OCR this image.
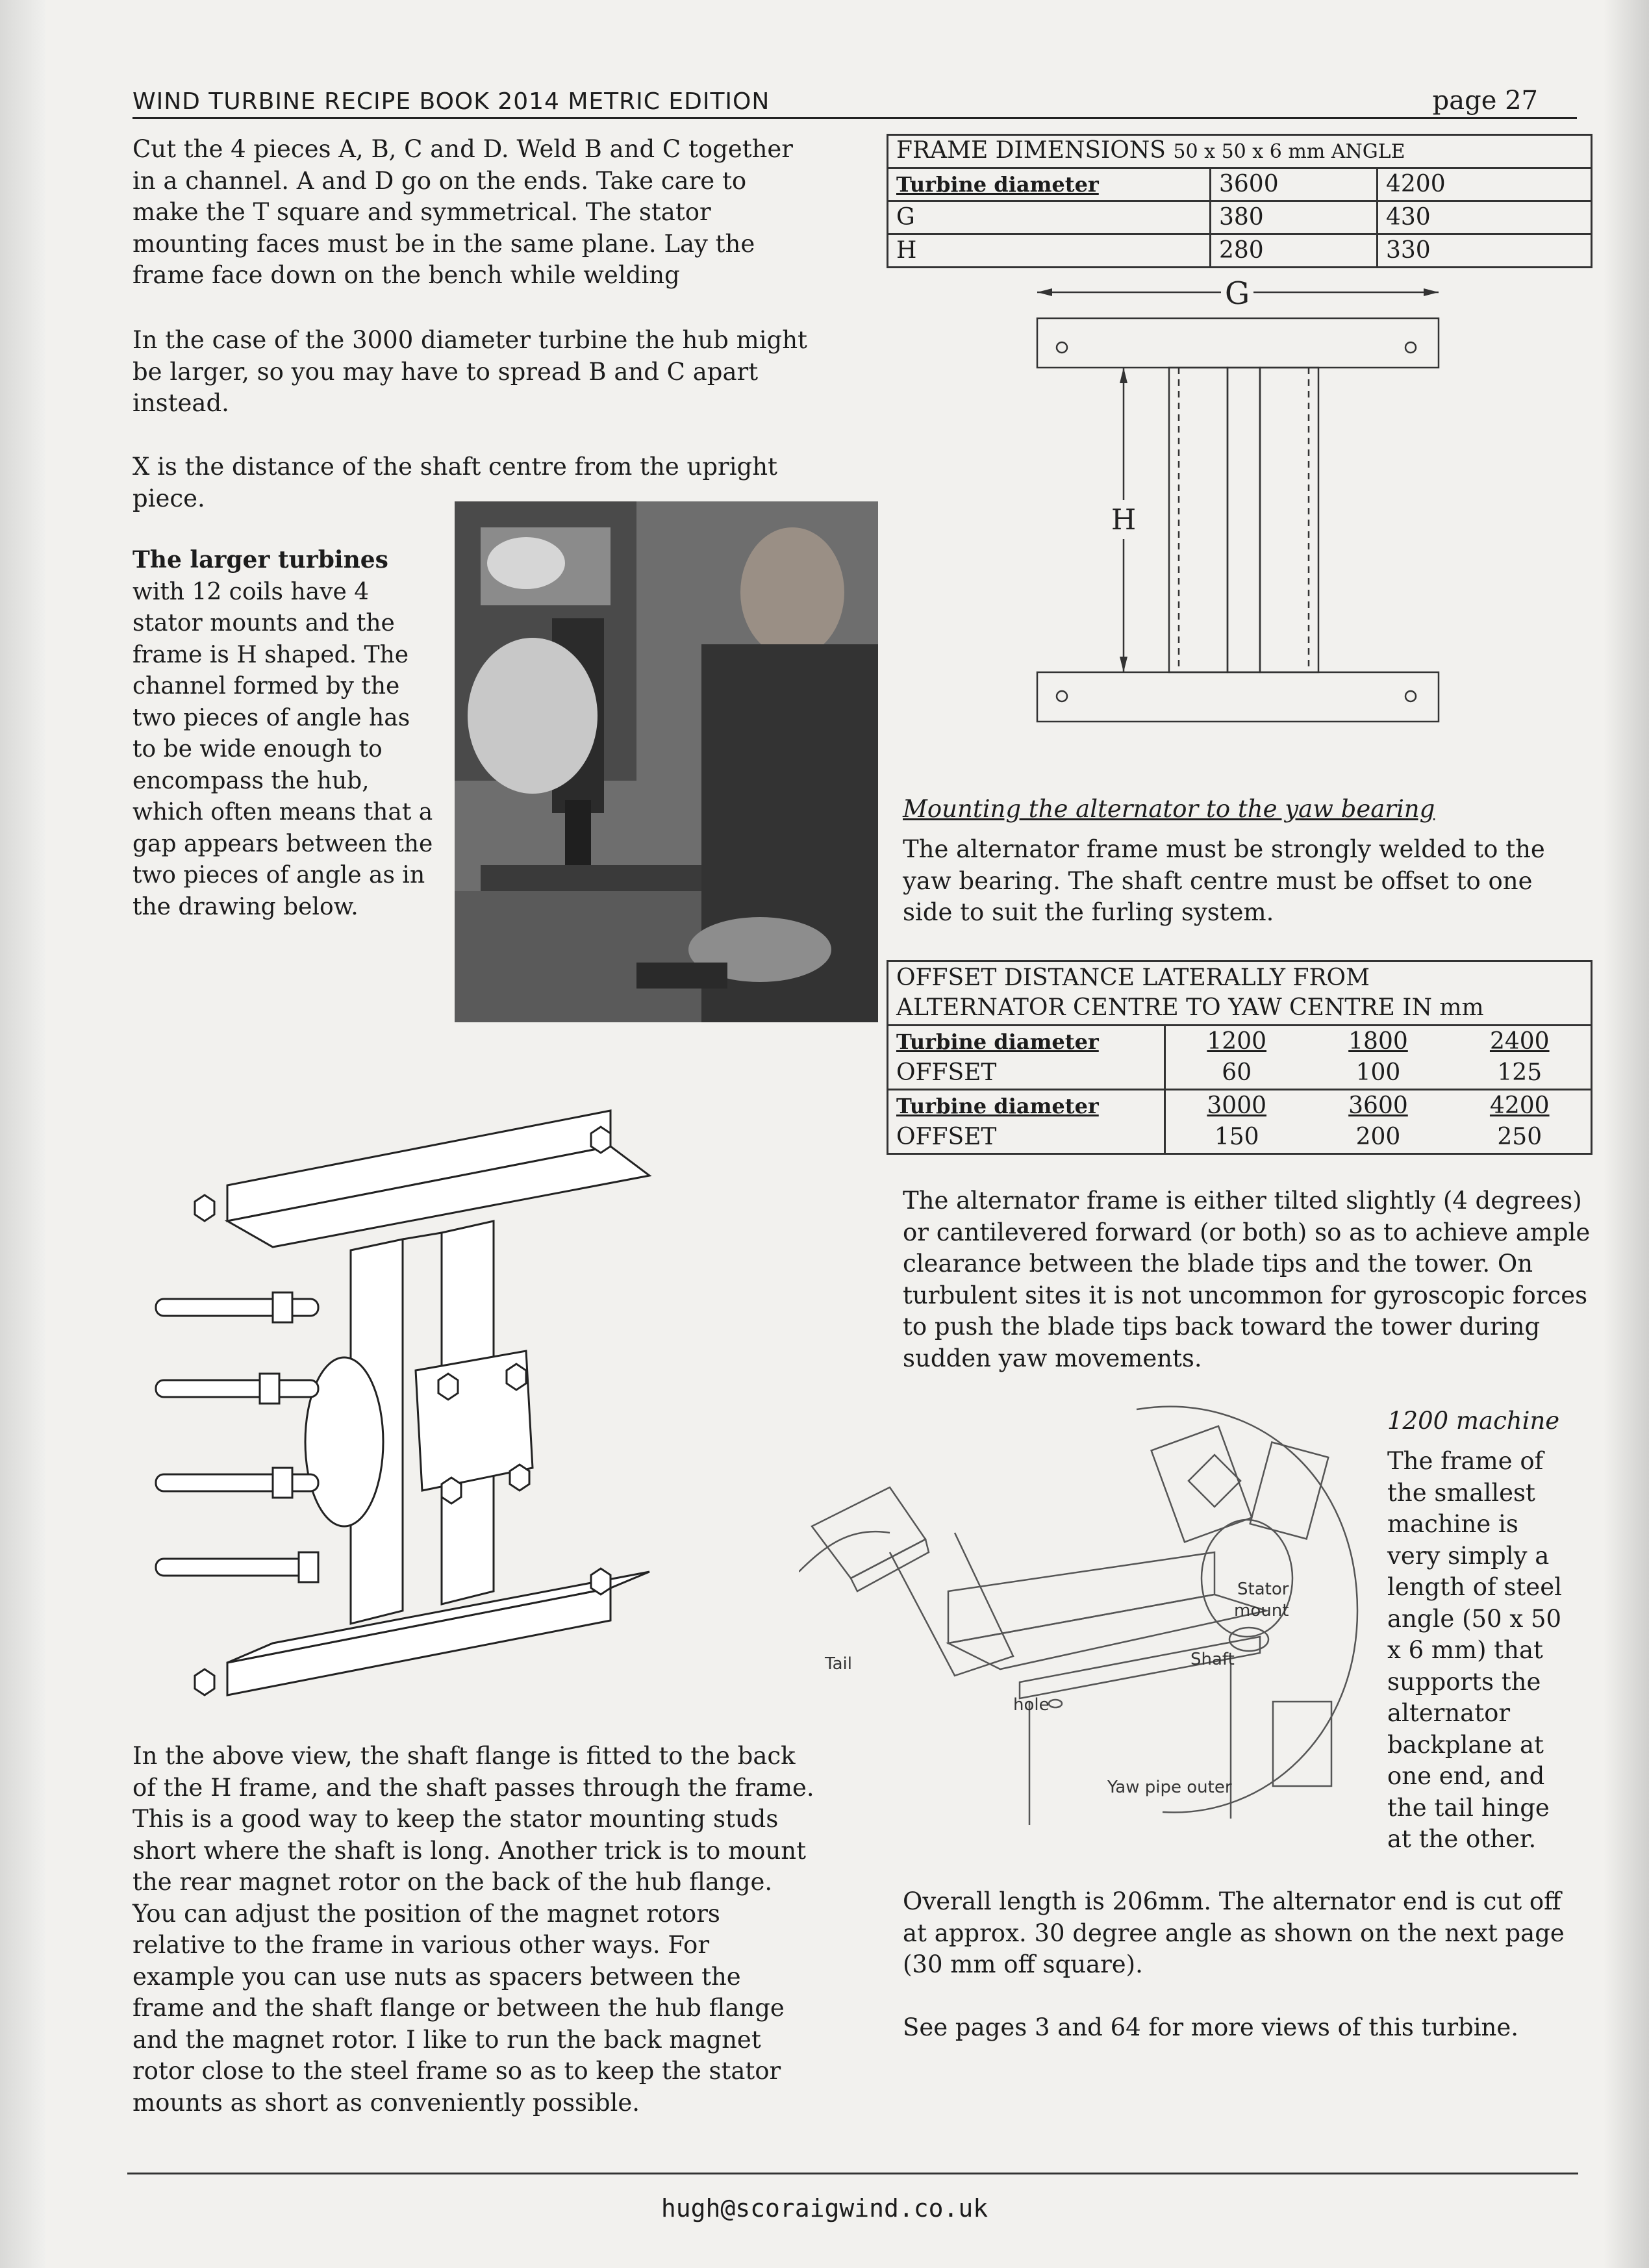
WIND TURBINE RECIPE BOOK 2014 METRIC EDITION	page 27
Cut the 4 pieces A, B, C and D. Weld B and C together in a channel. A and D go on the ends. Take care to make the T square and symmetrical. The stator mounting faces must be in the same plane. Lay the frame face down on the bench while welding
In the case of the 3000 diameter turbine the hub might be larger, so you may have to spread B and C apart instead.
X is the distance of the shaft centre from the upright piece.
The larger turbines with 12 coils have 4 stator mounts and the frame is H shaped. The channel formed by the two pieces of angle has to be wide enough to encompass the hub, which often means that a gap appears between the two pieces of angle as in the drawing below.
In the above view, the shaft flange is fitted to the back of the H frame, and the shaft passes through the frame. This is a good way to keep the stator mounting studs short where the shaft is long. Another trick is to mount the rear magnet rotor on the back of the hub flange. You can adjust the position of the magnet rotors relative to the frame in various other ways. For example you can use nuts as spacers between the frame and the shaft flange or between the hub flange and the magnet rotor. I like to run the back magnet rotor close to the steel frame so as to keep the stator mounts as short as conveniently possible.
FRAME DIMENSIONS 50 x 50 x 6 mm ANGLE		
Turbine diameter	3600	4200
G	380	430
H	280	330
G
H
Mounting the alternator to the yaw bearing
The alternator frame must be strongly welded to the yaw bearing. The shaft centre must be offset to one side to suit the furling system.
OFFSET DISTANCE LATERALLY FROM
ALTERNATOR CENTRE TO YAW CENTRE IN mm			

Turbine diameter	1200	1800	2400
OFFSET	60	100	125
Turbine diameter	3000	3600	4200
OFFSET	150	200	250
The alternator frame is either tilted slightly (4 degrees) or cantilevered forward (or both) so as to achieve ample clearance between the blade tips and the tower. On turbulent sites it is not uncommon for gyroscopic forces to push the blade tips back toward the tower during sudden yaw movements.
Tail
hole
Shaft
Stator
mount
Yaw pipe outer
1200 machine
The frame of the smallest machine is very simply a length of steel angle (50 x 50 x 6 mm) that supports the alternator backplane at one end, and the tail hinge at the other.
Overall length is 206mm. The alternator end is cut off at approx. 30 degree angle as shown on the next page (30 mm off square).
See pages 3 and 64 for more views of this turbine.
hugh@scoraigwind.co.uk
